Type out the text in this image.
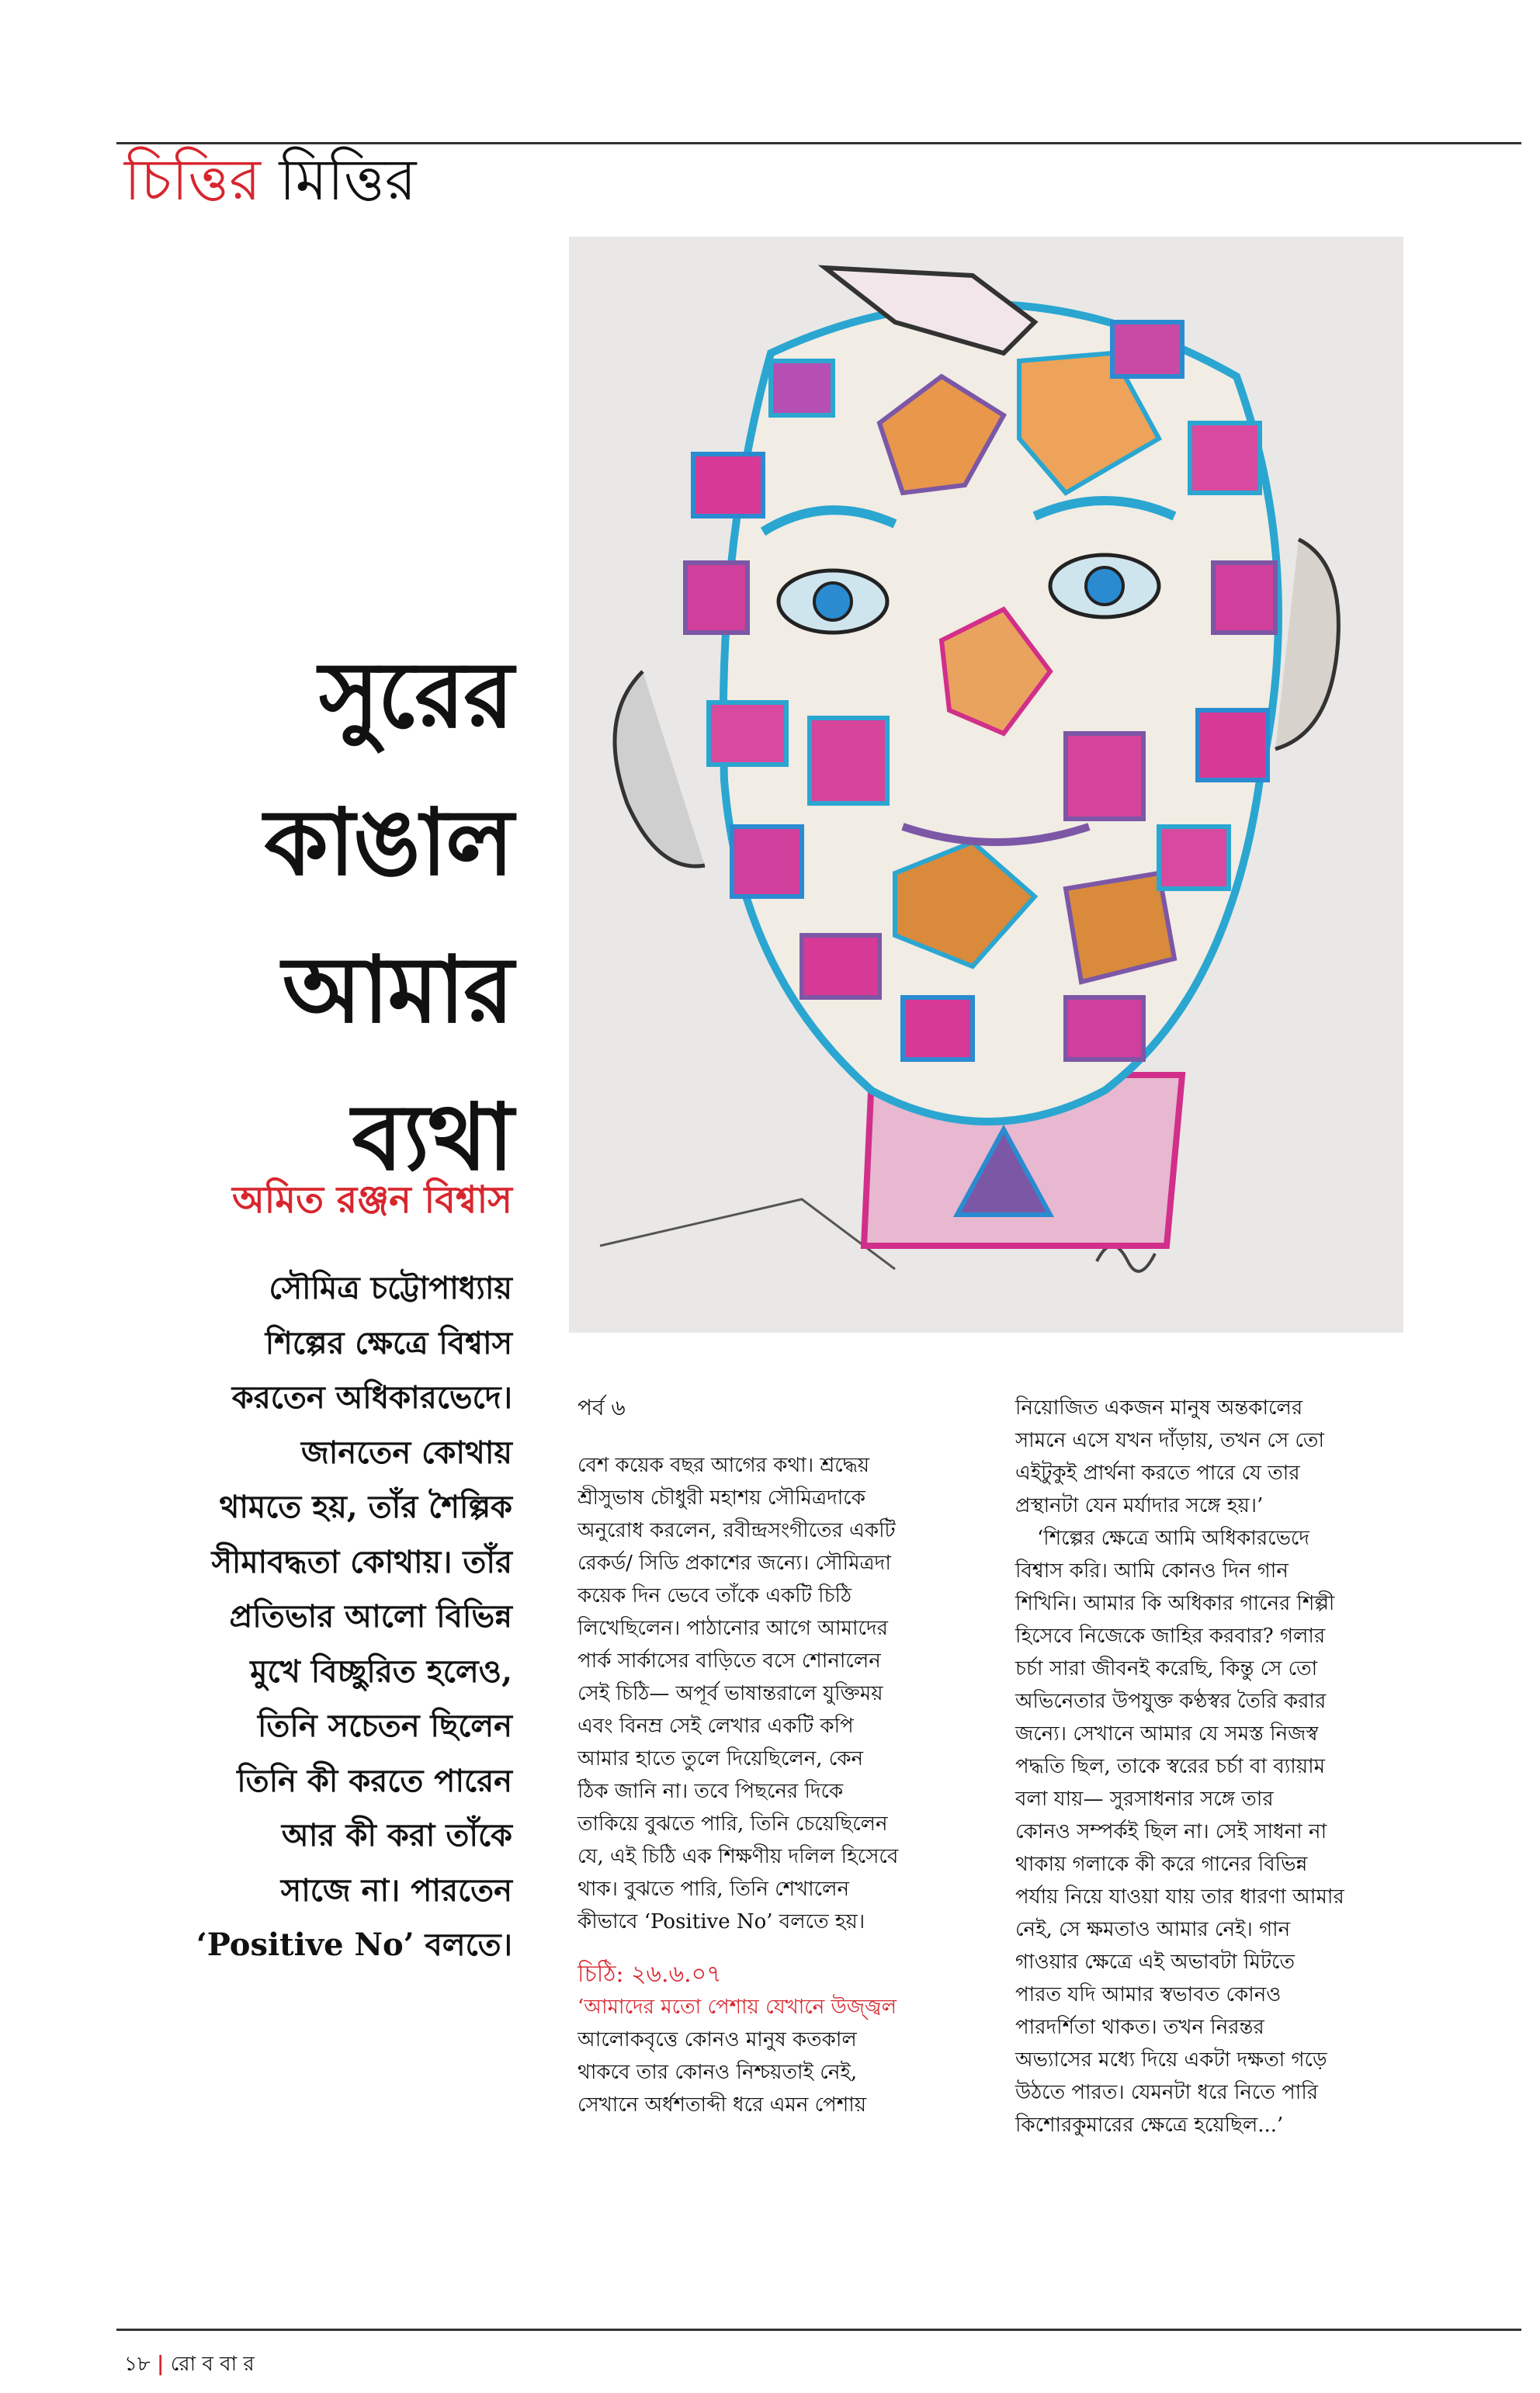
চিত্তির মিত্তির
সুরের
কাঙাল
আমার
ব্যথা
অমিত রঞ্জন বিশ্বাস
সৌমিত্র চট্টোপাধ্যায়
শিল্পের ক্ষেত্রে বিশ্বাস
করতেন অধিকারভেদে।
জানতেন কোথায়
থামতে হয়, তাঁর শৈল্পিক
সীমাবদ্ধতা কোথায়। তাঁর
প্রতিভার আলো বিভিন্ন
মুখে বিচ্ছুরিত হলেও,
তিনি সচেতন ছিলেন
তিনি কী করতে পারেন
আর কী করা তাঁকে
সাজে না। পারতেন
‘Positive No’ বলতে।
পর্ব ৬
বেশ কয়েক বছর আগের কথা। শ্রদ্ধেয়
শ্রীসুভাষ চৌধুরী মহাশয় সৌমিত্রদাকে
অনুরোধ করলেন, রবীন্দ্রসংগীতের একটি
রেকর্ড/ সিডি প্রকাশের জন্যে। সৌমিত্রদা
কয়েক দিন ভেবে তাঁকে একটি চিঠি
লিখেছিলেন। পাঠানোর আগে আমাদের
পার্ক সার্কাসের বাড়িতে বসে শোনালেন
সেই চিঠি— অপূর্ব ভাষান্তরালে যুক্তিময়
এবং বিনম্র সেই লেখার একটি কপি
আমার হাতে তুলে দিয়েছিলেন, কেন
ঠিক জানি না। তবে পিছনের দিকে
তাকিয়ে বুঝতে পারি, তিনি চেয়েছিলেন
যে, এই চিঠি এক শিক্ষণীয় দলিল হিসেবে
থাক। বুঝতে পারি, তিনি শেখালেন
কীভাবে ‘Positive No’ বলতে হয়।
চিঠি: ২৬.৬.০৭
‘আমাদের মতো পেশায় যেখানে উজ্জ্বল
আলোকবৃত্তে কোনও মানুষ কতকাল
থাকবে তার কোনও নিশ্চয়তাই নেই,
সেখানে অর্ধশতাব্দী ধরে এমন পেশায়
নিয়োজিত একজন মানুষ অন্তকালের
সামনে এসে যখন দাঁড়ায়, তখন সে তো
এইটুকুই প্রার্থনা করতে পারে যে তার
প্রস্থানটা যেন মর্যাদার সঙ্গে হয়।’
‘শিল্পের ক্ষেত্রে আমি অধিকারভেদে
বিশ্বাস করি। আমি কোনও দিন গান
শিখিনি। আমার কি অধিকার গানের শিল্পী
হিসেবে নিজেকে জাহির করবার? গলার
চর্চা সারা জীবনই করেছি, কিন্তু সে তো
অভিনেতার উপযুক্ত কণ্ঠস্বর তৈরি করার
জন্যে। সেখানে আমার যে সমস্ত নিজস্ব
পদ্ধতি ছিল, তাকে স্বরের চর্চা বা ব্যায়াম
বলা যায়— সুরসাধনার সঙ্গে তার
কোনও সম্পর্কই ছিল না। সেই সাধনা না
থাকায় গলাকে কী করে গানের বিভিন্ন
পর্যায় নিয়ে যাওয়া যায় তার ধারণা আমার
নেই, সে ক্ষমতাও আমার নেই। গান
গাওয়ার ক্ষেত্রে এই অভাবটা মিটতে
পারত যদি আমার স্বভাবত কোনও
পারদর্শিতা থাকত। তখন নিরন্তর
অভ্যাসের মধ্যে দিয়ে একটা দক্ষতা গড়ে
উঠতে পারত। যেমনটা ধরে নিতে পারি
কিশোরকুমারের ক্ষেত্রে হয়েছিল...’
১৮ | রো ব বা র
